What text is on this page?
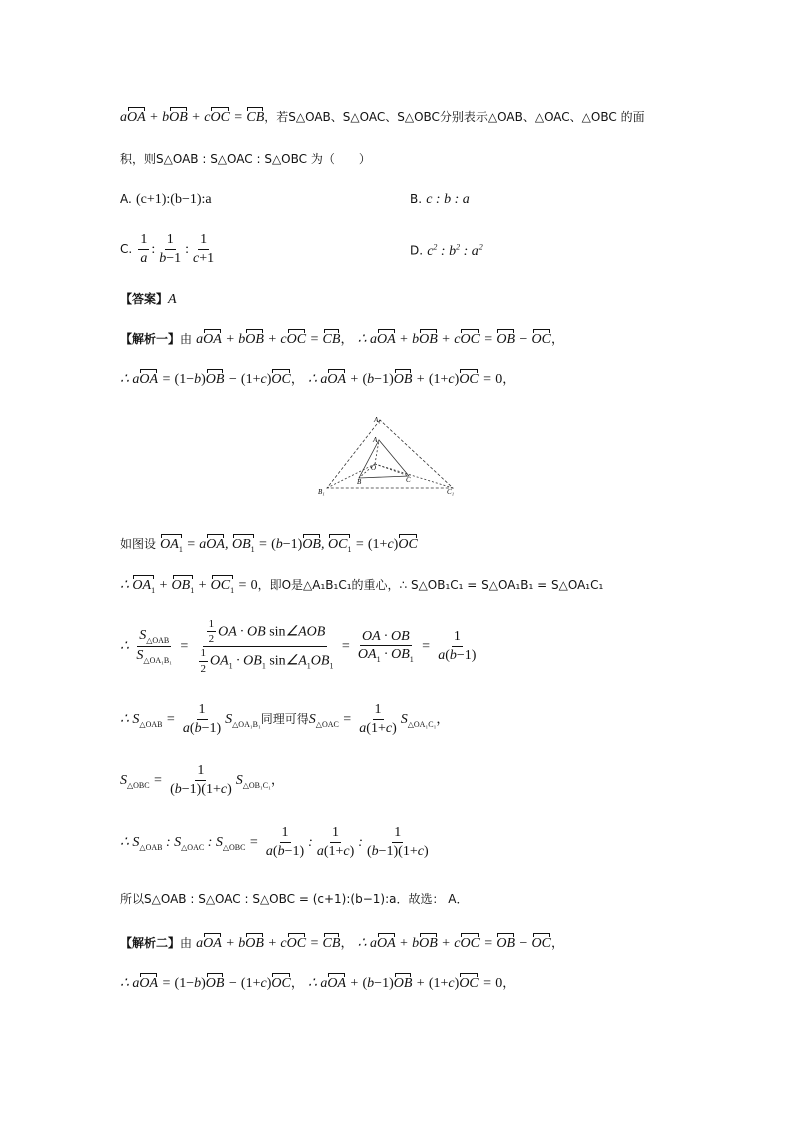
aOA + bOB + cOC = CB，若S△OAB、S△OAC、S△OBC分别表示△OAB、△OAC、△OBC 的面
积，则S△OAB : S△OAC : S△OBC 为（　　）
A. (c+1):(b−1):a	B. c : b : a
C. $\frac{1}{a}$ : $\frac{1}{b-1}$ : $\frac{1}{c+1}$	D. $c^2$ : $b^2$ : $a^2$
【答案】A
【解析一】由 aOA + bOB + cOC = CB， ∴ aOA + bOB + cOC = OB − OC，
∴ aOA = (1−b)OB − (1+c)OC， ∴ aOA + (b−1)OB + (1+c)OC = 0，
A₁
A
O
B	C
B₁	C₁
如图设 $OA_1$ = aOA, $OB_1 = (b-1)OB$, $OC_1 = (1+c)OC$
∴ $OA_1 + OB_1 + OC_1 = 0$，即O是△A₁B₁C₁的重心，∴ S△OB₁C₁ = S△OA₁B₁ = S△OA₁C₁
∴ $\frac{S_{\triangle OAB}}{S_{\triangle OA_1B_1}} = \frac{\frac{1}{2} OA \cdot OB \sin\angle AOB}{\frac{1}{2} OA_1 \cdot OB_1 \sin\angle A_1OB_1} = \frac{OA \cdot OB}{OA_1 \cdot OB_1} = \frac{1}{a(b-1)}$
∴ $S_{\triangle OAB} = \frac{1}{a(b-1)} S_{\triangle OA_1B_1}$同理可得$S_{\triangle OAC} = \frac{1}{a(1+c)} S_{\triangle OA_1C_1}$，
$S_{\triangle OBC} = \frac{1}{(b-1)(1+c)} S_{\triangle OB_1C_1}$，
∴ $S_{\triangle OAB}$ : $S_{\triangle OAC}$ : $S_{\triangle OBC} = \frac{1}{a(b-1)}$ : $\frac{1}{a(1+c)}$ : $\frac{1}{(b-1)(1+c)}$
所以S△OAB : S△OAC : S△OBC = (c+1):(b−1):a．故选： A．
【解析二】由 aOA + bOB + cOC = CB， ∴ aOA + bOB + cOC = OB − OC，
∴ aOA = (1−b)OB − (1+c)OC， ∴ aOA + (b−1)OB + (1+c)OC = 0，
